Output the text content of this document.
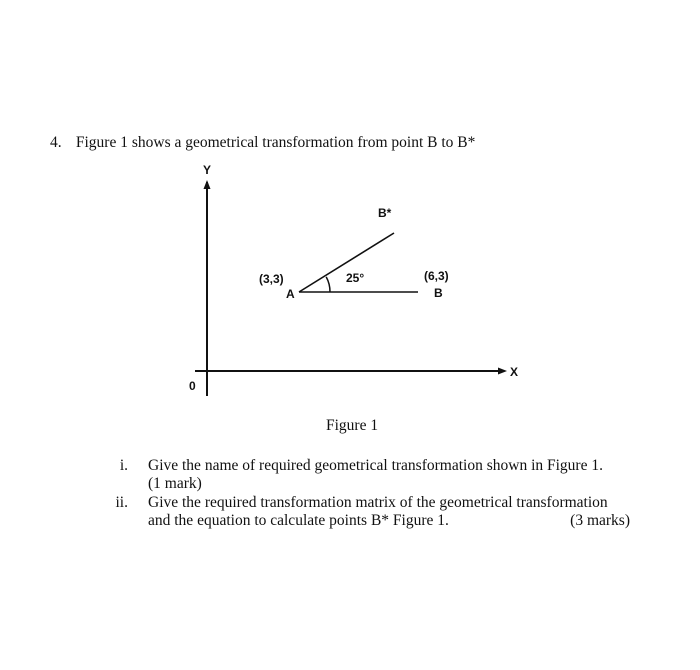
4. Figure 1 shows a geometrical transformation from point B to B*
Y
X
0
B*
(3,3)
A
25°	(6,3)
B
Figure 1
i. Give the name of required geometrical transformation shown in Figure 1.
(1 mark)
ii. Give the required transformation matrix of the geometrical transformation
(3 marks)
and the equation to calculate points B* Figure 1.
